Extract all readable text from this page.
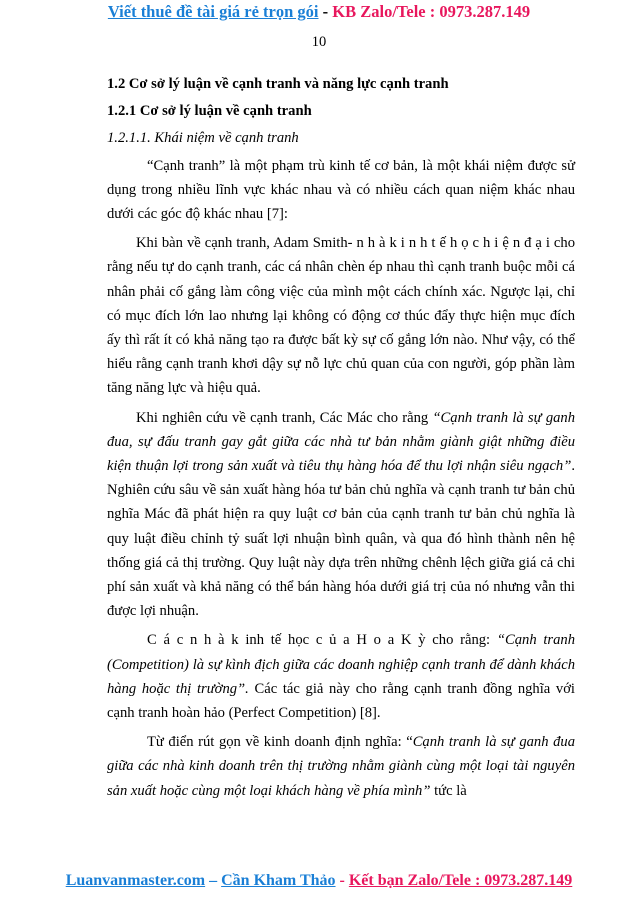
Viết thuê đề tài giá rẻ trọn gói - KB Zalo/Tele : 0973.287.149
10
1.2 Cơ sở lý luận về cạnh tranh và năng lực cạnh tranh
1.2.1 Cơ sở lý luận về cạnh tranh
1.2.1.1. Khái niệm về cạnh tranh

“Cạnh tranh” là một phạm trù kinh tế cơ bản, là một khái niệm được sử dụng trong nhiều lĩnh vực khác nhau và có nhiều cách quan niệm khác nhau dưới các góc độ khác nhau [7]:

Khi bàn về cạnh tranh, Adam Smith- n h à k i n h t ế h ọ c h i ệ n đ ạ i cho rằng nếu tự do cạnh tranh, các cá nhân chèn ép nhau thì cạnh tranh buộc mỗi cá nhân phải cố gắng làm công việc của mình một cách chính xác. Ngược lại, chỉ có mục đích lớn lao nhưng lại không có động cơ thúc đẩy thực hiện mục đích ấy thì rất ít có khả năng tạo ra được bất kỳ sự cố gắng lớn nào. Như vậy, có thể hiểu rằng cạnh tranh khơi dậy sự nỗ lực chủ quan của con người, góp phần làm tăng năng lực và hiệu quả.

Khi nghiên cứu về cạnh tranh, Các Mác cho rằng “Cạnh tranh là sự ganh đua, sự đấu tranh gay gắt giữa các nhà tư bản nhằm giành giật những điều kiện thuận lợi trong sản xuất và tiêu thụ hàng hóa để thu lợi nhận siêu ngạch”. Nghiên cứu sâu về sản xuất hàng hóa tư bản chủ nghĩa và cạnh tranh tư bản chủ nghĩa Mác đã phát hiện ra quy luật cơ bản của cạnh tranh tư bản chủ nghĩa là quy luật điều chỉnh tỷ suất lợi nhuận bình quân, và qua đó hình thành nên hệ thống giá cả thị trường. Quy luật này dựa trên những chênh lệch giữa giá cả chi phí sản xuất và khả năng có thể bán hàng hóa dưới giá trị của nó nhưng vẫn thi được lợi nhuận.

C á c n h à k inh tế học c ủ a H o a K ỳ cho rằng: “Cạnh tranh (Competition) là sự kình địch giữa các doanh nghiệp cạnh tranh để dành khách hàng hoặc thị trường”. Các tác giả này cho rằng cạnh tranh đồng nghĩa với cạnh tranh hoàn hảo (Perfect Competition) [8].

Từ điển rút gọn về kinh doanh định nghĩa: “Cạnh tranh là sự ganh đua giữa các nhà kinh doanh trên thị trường nhằm giành cùng một loại tài nguyên sản xuất hoặc cùng một loại khách hàng về phía mình” tức là

Luanvanmaster.com – Cần Kham Thảo - Kết bạn Zalo/Tele : 0973.287.149
